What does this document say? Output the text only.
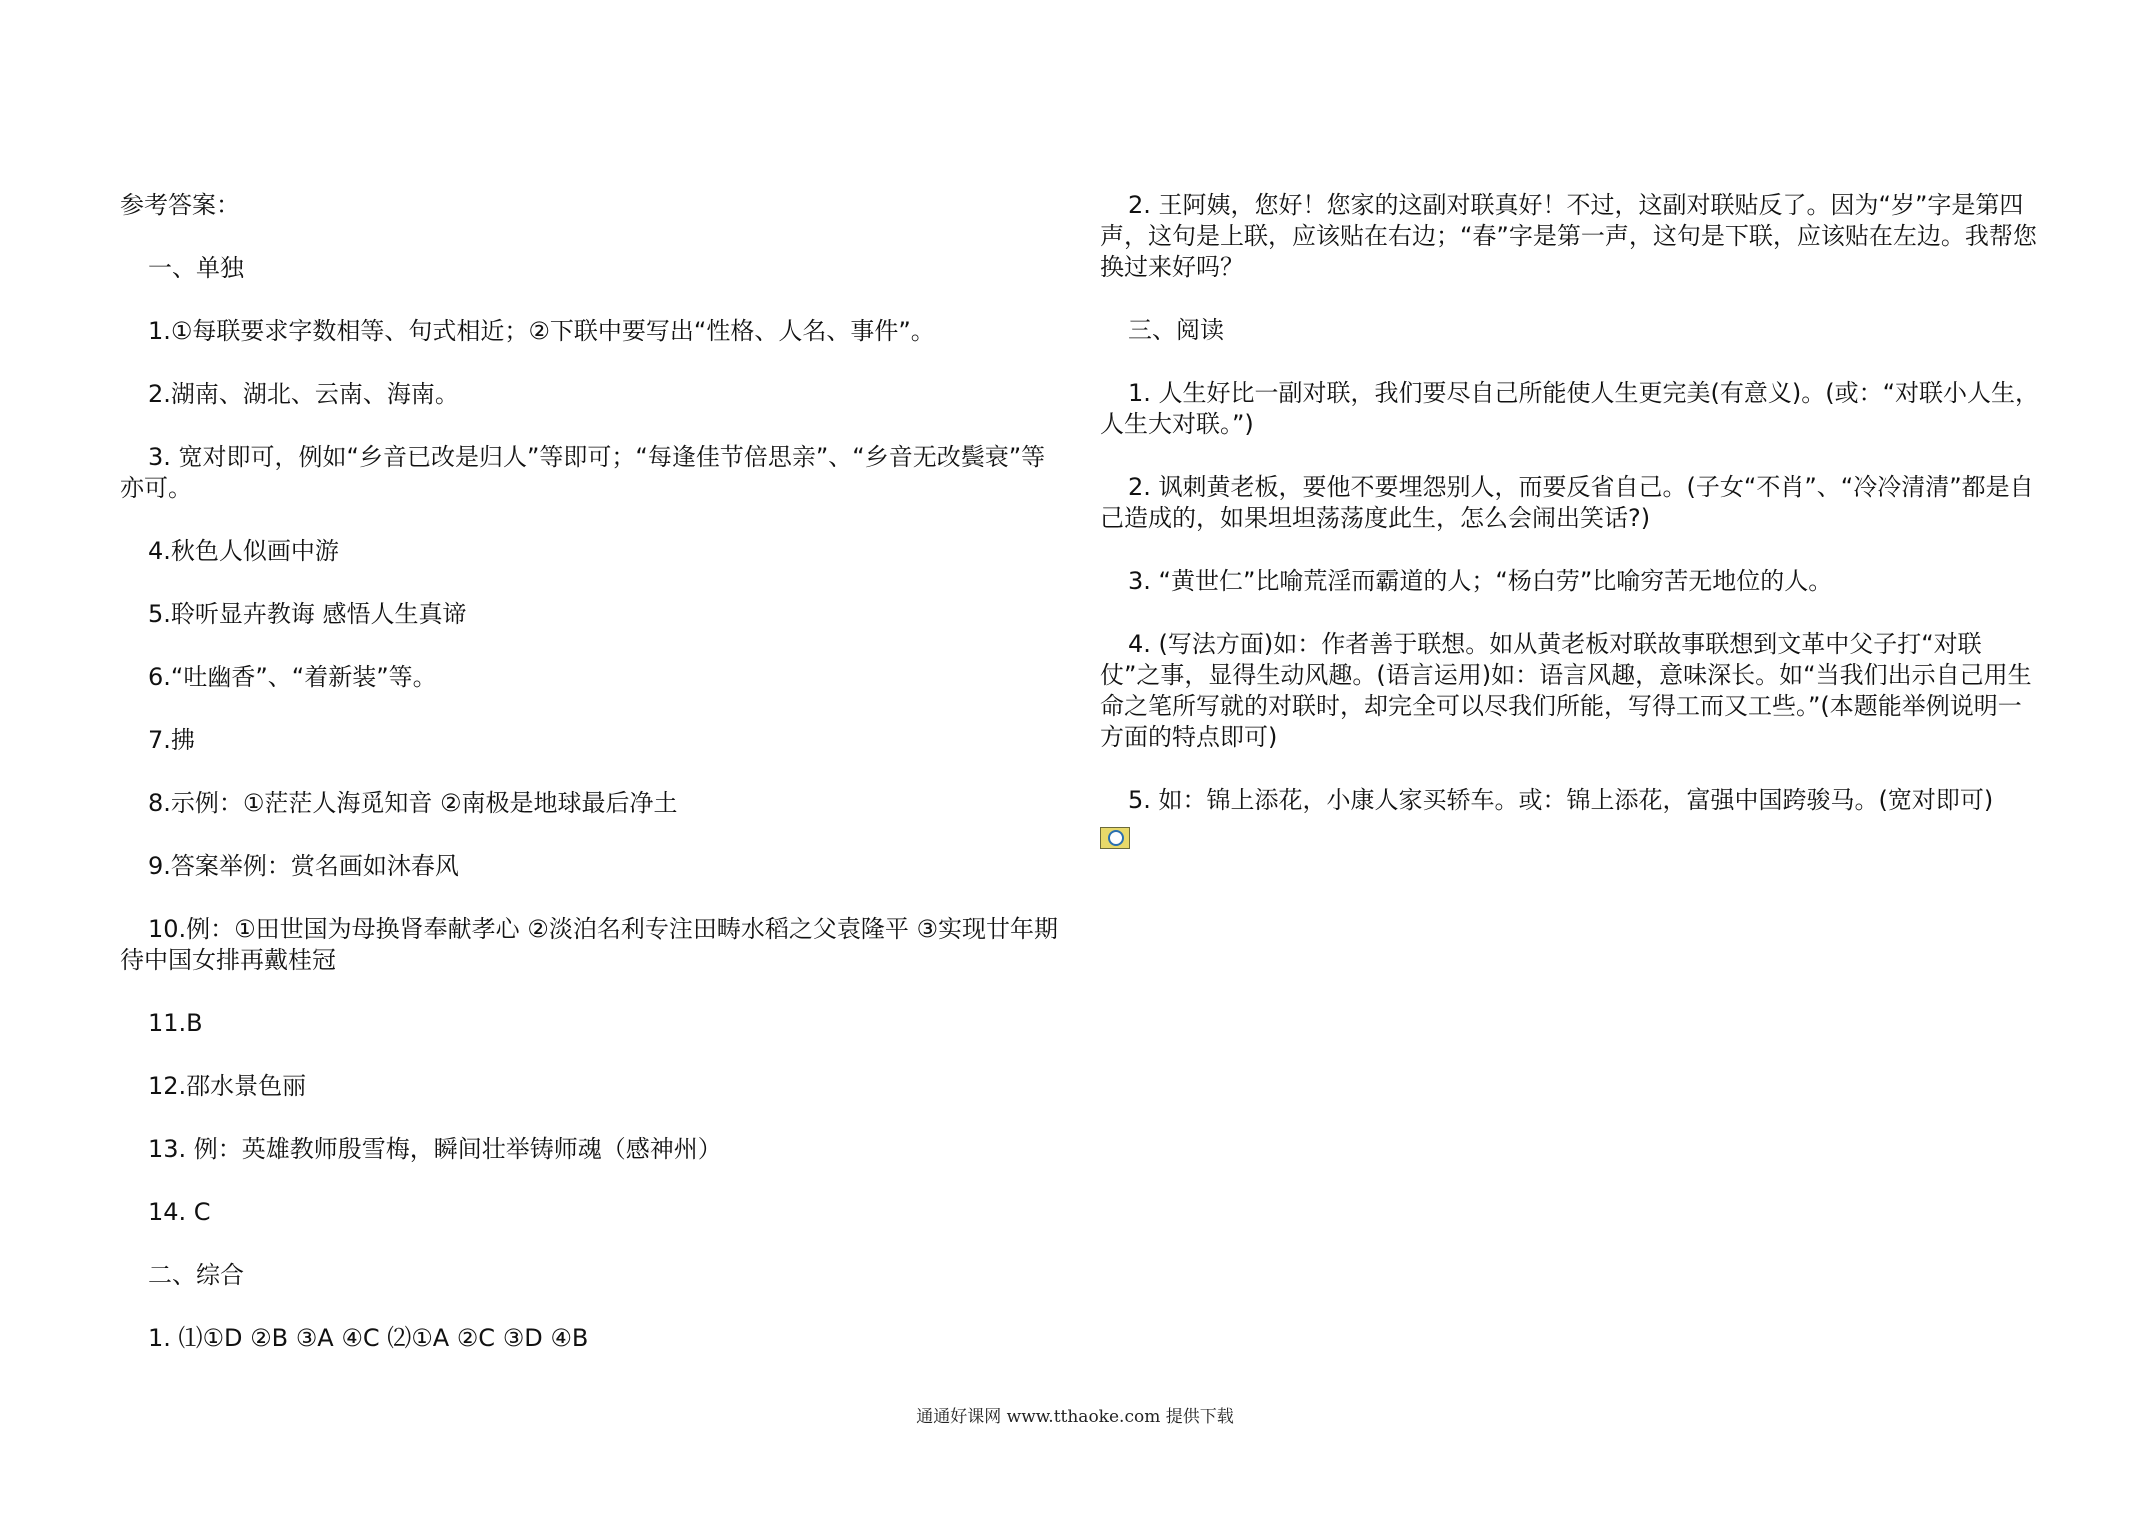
参考答案：

一、单独

1.①每联要求字数相等、句式相近；②下联中要写出“性格、人名、事件”。

2.湖南、湖北、云南、海南。

3. 宽对即可，例如“乡音已改是归人”等即可；“每逢佳节倍思亲”、“乡音无改鬓衰”等亦可。

4.秋色人似画中游

5.聆听显卉教诲 感悟人生真谛

6.“吐幽香”、“着新装”等。

7.拂

8.示例：①茫茫人海觅知音 ②南极是地球最后净土

9.答案举例：赏名画如沐春风

10.例：①田世国为母换肾奉献孝心 ②淡泊名利专注田畴水稻之父袁隆平 ③实现廿年期待中国女排再戴桂冠

11.B

12.邵水景色丽

13. 例：英雄教师殷雪梅，瞬间壮举铸师魂（感神州）

14. C

二、综合

1. ⑴①D ②B ③A ④C ⑵①A ②C ③D ④B

2. 王阿姨，您好！您家的这副对联真好！不过，这副对联贴反了。因为“岁”字是第四声，这句是上联，应该贴在右边；“春”字是第一声，这句是下联，应该贴在左边。我帮您换过来好吗？

三、阅读

1. 人生好比一副对联，我们要尽自己所能使人生更完美(有意义)。(或：“对联小人生，人生大对联。”)

2. 讽刺黄老板，要他不要埋怨别人，而要反省自己。(子女“不肖”、“冷冷清清”都是自己造成的，如果坦坦荡荡度此生，怎么会闹出笑话?)

3. “黄世仁”比喻荒淫而霸道的人；“杨白劳”比喻穷苦无地位的人。

4. (写法方面)如：作者善于联想。如从黄老板对联故事联想到文革中父子打“对联仗”之事，显得生动风趣。(语言运用)如：语言风趣，意味深长。如“当我们出示自己用生命之笔所写就的对联时，却完全可以尽我们所能，写得工而又工些。”(本题能举例说明一方面的特点即可)

5. 如：锦上添花，小康人家买轿车。或：锦上添花，富强中国跨骏马。(宽对即可)

通通好课网 www.tthaoke.com 提供下载
